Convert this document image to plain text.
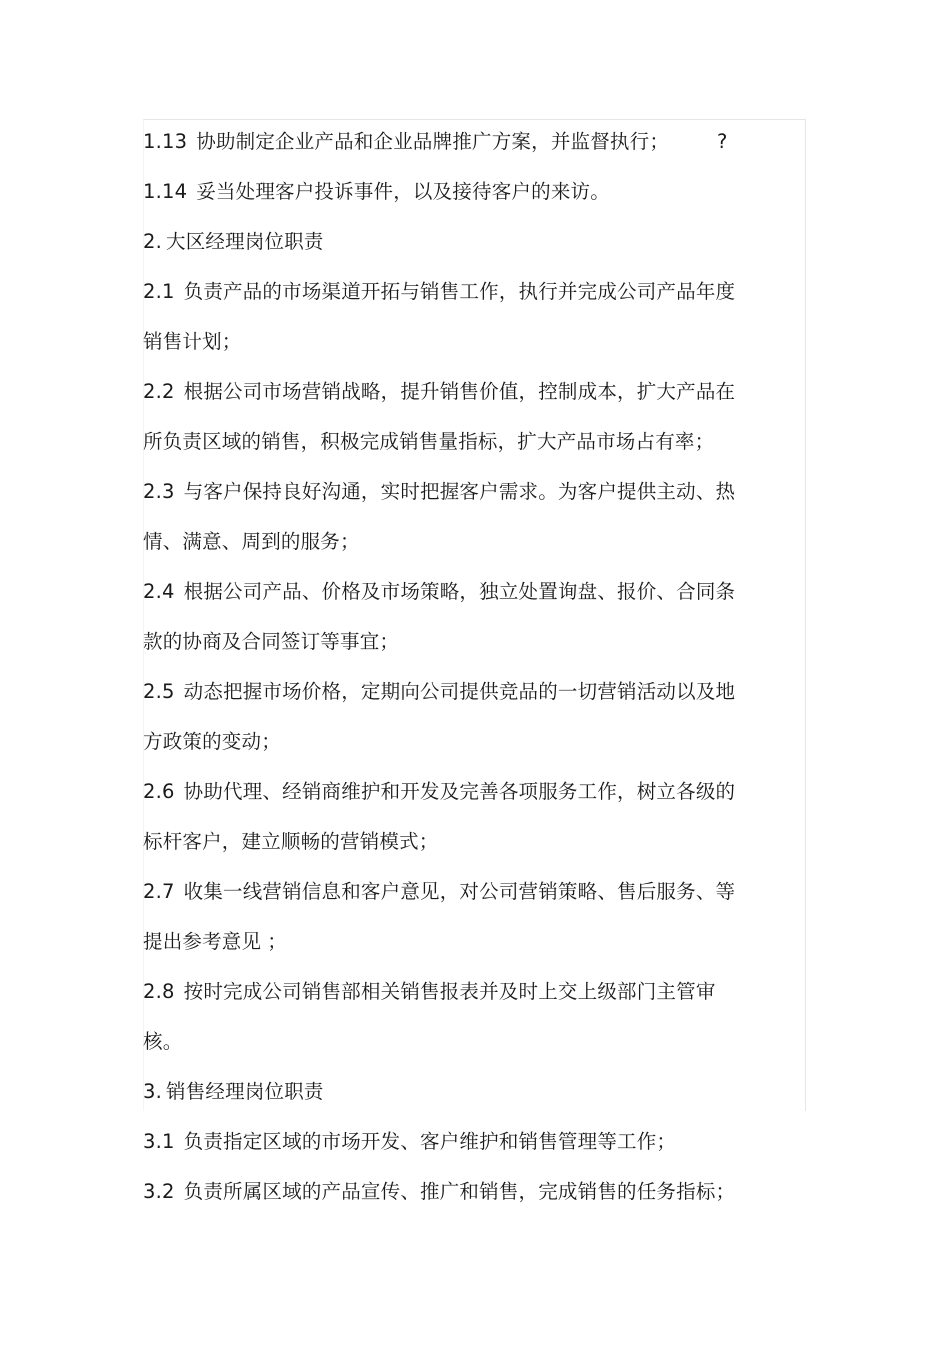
1.13 协助制定企业产品和企业品牌推广方案，并监督执行； ?
1.14 妥当处理客户投诉事件，以及接待客户的来访。
2. 大区经理岗位职责
2.1 负责产品的市场渠道开拓与销售工作，执行并完成公司产品年度
销售计划；
2.2 根据公司市场营销战略，提升销售价值，控制成本，扩大产品在
所负责区域的销售，积极完成销售量指标，扩大产品市场占有率；
2.3 与客户保持良好沟通，实时把握客户需求。为客户提供主动、热
情、满意、周到的服务；
2.4 根据公司产品、价格及市场策略，独立处置询盘、报价、合同条
款的协商及合同签订等事宜；
2.5 动态把握市场价格，定期向公司提供竞品的一切营销活动以及地
方政策的变动；
2.6 协助代理、经销商维护和开发及完善各项服务工作，树立各级的
标杆客户，建立顺畅的营销模式；
2.7 收集一线营销信息和客户意见，对公司营销策略、售后服务、等
提出参考意见 ；
2.8按时完成公司销售部相关销售报表并及时上交上级部门主管审
核。
3. 销售经理岗位职责
3.1 负责指定区域的市场开发、客户维护和销售管理等工作；
3.2 负责所属区域的产品宣传、推广和销售，完成销售的任务指标；
